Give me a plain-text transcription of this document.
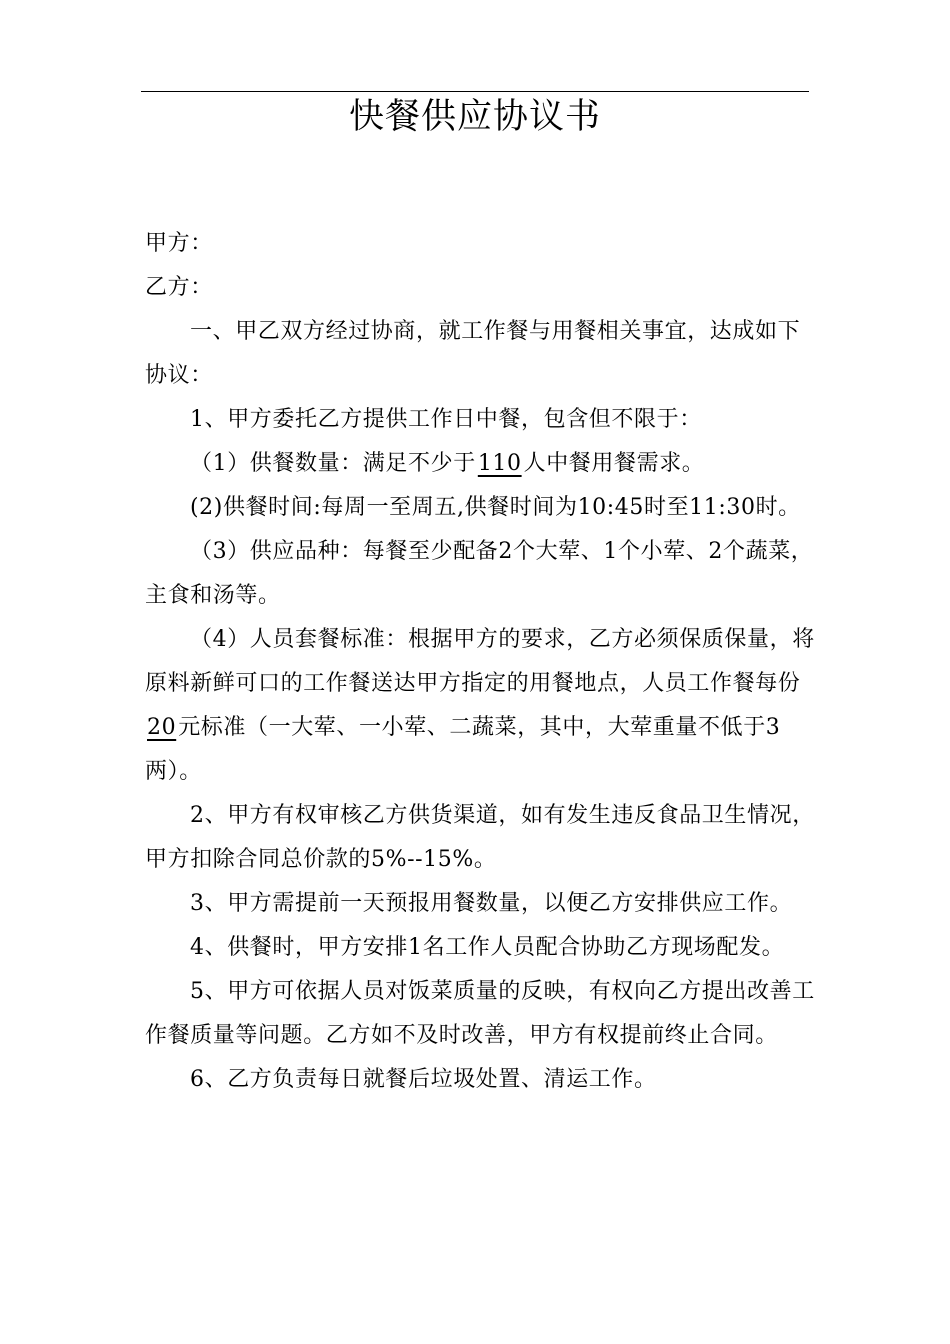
快餐供应协议书

甲方：

乙方：

一、甲乙双方经过协商，就工作餐与用餐相关事宜，达成如下协议：

1、甲方委托乙方提供工作日中餐，包含但不限于：

（1）供餐数量：满足不少于110人中餐用餐需求。

(2)供餐时间:每周一至周五,供餐时间为10:45时至11:30时。

（3）供应品种：每餐至少配备2个大荤、1个小荤、2个蔬菜，主食和汤等。

（4）人员套餐标准：根据甲方的要求，乙方必须保质保量，将原料新鲜可口的工作餐送达甲方指定的用餐地点，人员工作餐每份20元标准（一大荤、一小荤、二蔬菜，其中，大荤重量不低于3两）。

2、甲方有权审核乙方供货渠道，如有发生违反食品卫生情况，甲方扣除合同总价款的5%--15%。

3、甲方需提前一天预报用餐数量，以便乙方安排供应工作。

4、供餐时，甲方安排1名工作人员配合协助乙方现场配发。

5、甲方可依据人员对饭菜质量的反映，有权向乙方提出改善工作餐质量等问题。乙方如不及时改善，甲方有权提前终止合同。

6、乙方负责每日就餐后垃圾处置、清运工作。
